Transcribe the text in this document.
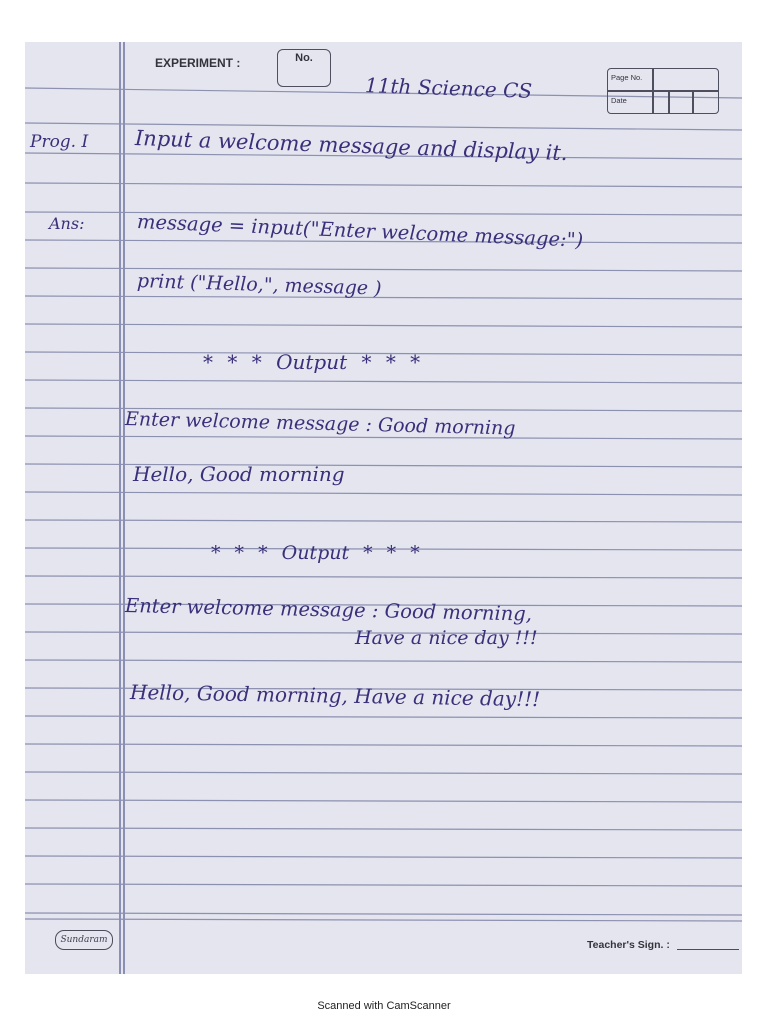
EXPERIMENT :	No.
11th Science CS	Page No.
Date
Prog. I
Ans:
Input a welcome message and display it.
message = input("Enter welcome message:")
print ("Hello,", message )
* * * Output * * *
Enter welcome message : Good morning
Hello, Good morning
* * * Output * * *
Enter welcome message : Good morning,
Have a nice day !!!
Hello, Good morning, Have a nice day!!!
Sundaram	Teacher's Sign. :
Scanned with CamScanner
